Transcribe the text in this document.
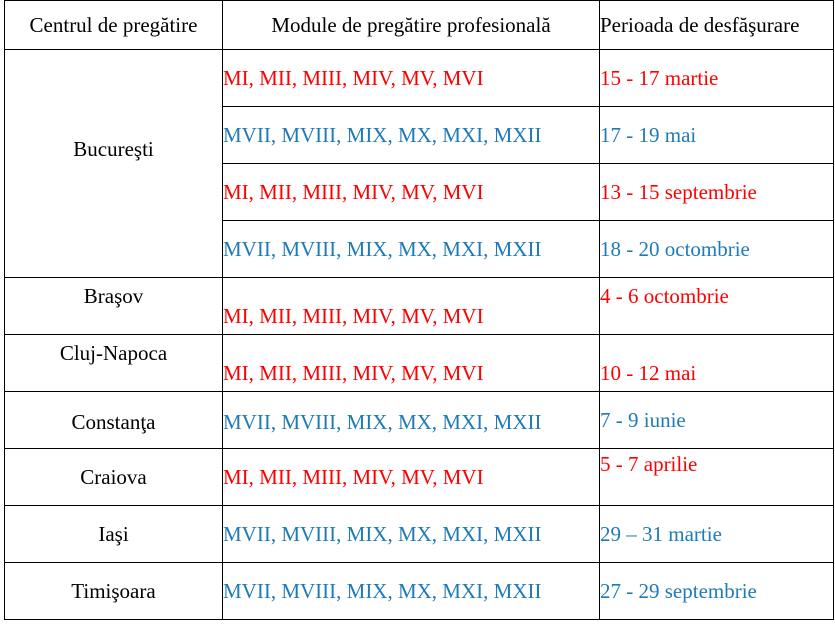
Centrul de pregătire	Module de pregătire profesională	Perioada de desfăşurare
Bucureşti	MI, MII, MIII, MIV, MV, MVI	15 - 17 martie
	MVII, MVIII, MIX, MX, MXI, MXII	17 - 19 mai
	MI, MII, MIII, MIV, MV, MVI	13 - 15 septembrie
	MVII, MVIII, MIX, MX, MXI, MXII	18 - 20 octombrie
Braşov	MI, MII, MIII, MIV, MV, MVI	4 - 6 octombrie
Cluj-Napoca	MI, MII, MIII, MIV, MV, MVI	10 - 12 mai
Constanţa	MVII, MVIII, MIX, MX, MXI, MXII	7 - 9 iunie
Craiova	MI, MII, MIII, MIV, MV, MVI	5 - 7 aprilie
Iaşi	MVII, MVIII, MIX, MX, MXI, MXII	29 – 31 martie
Timişoara	MVII, MVIII, MIX, MX, MXI, MXII	27 - 29 septembrie
